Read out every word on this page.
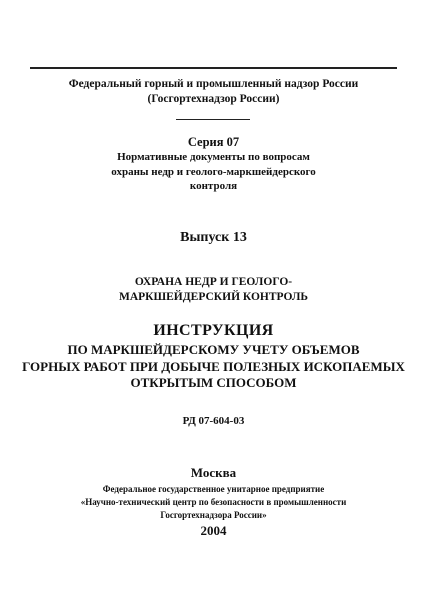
Федеральный горный и промышленный надзор России
(Госгортехнадзор России)
Серия 07
Нормативные документы по вопросам
охраны недр и геолого-маркшейдерского
контроля
Выпуск 13
ОХРАНА НЕДР И ГЕОЛОГО-
МАРКШЕЙДЕРСКИЙ КОНТРОЛЬ
ИНСТРУКЦИЯ
ПО МАРКШЕЙДЕРСКОМУ УЧЕТУ ОБЪЕМОВ
ГОРНЫХ РАБОТ ПРИ ДОБЫЧЕ ПОЛЕЗНЫХ ИСКОПАЕМЫХ
ОТКРЫТЫМ СПОСОБОМ
РД 07-604-03
Москва
Федеральное государственное унитарное предприятие
«Научно-технический центр по безопасности в промышленности
Госгортехнадзора России»
2004
